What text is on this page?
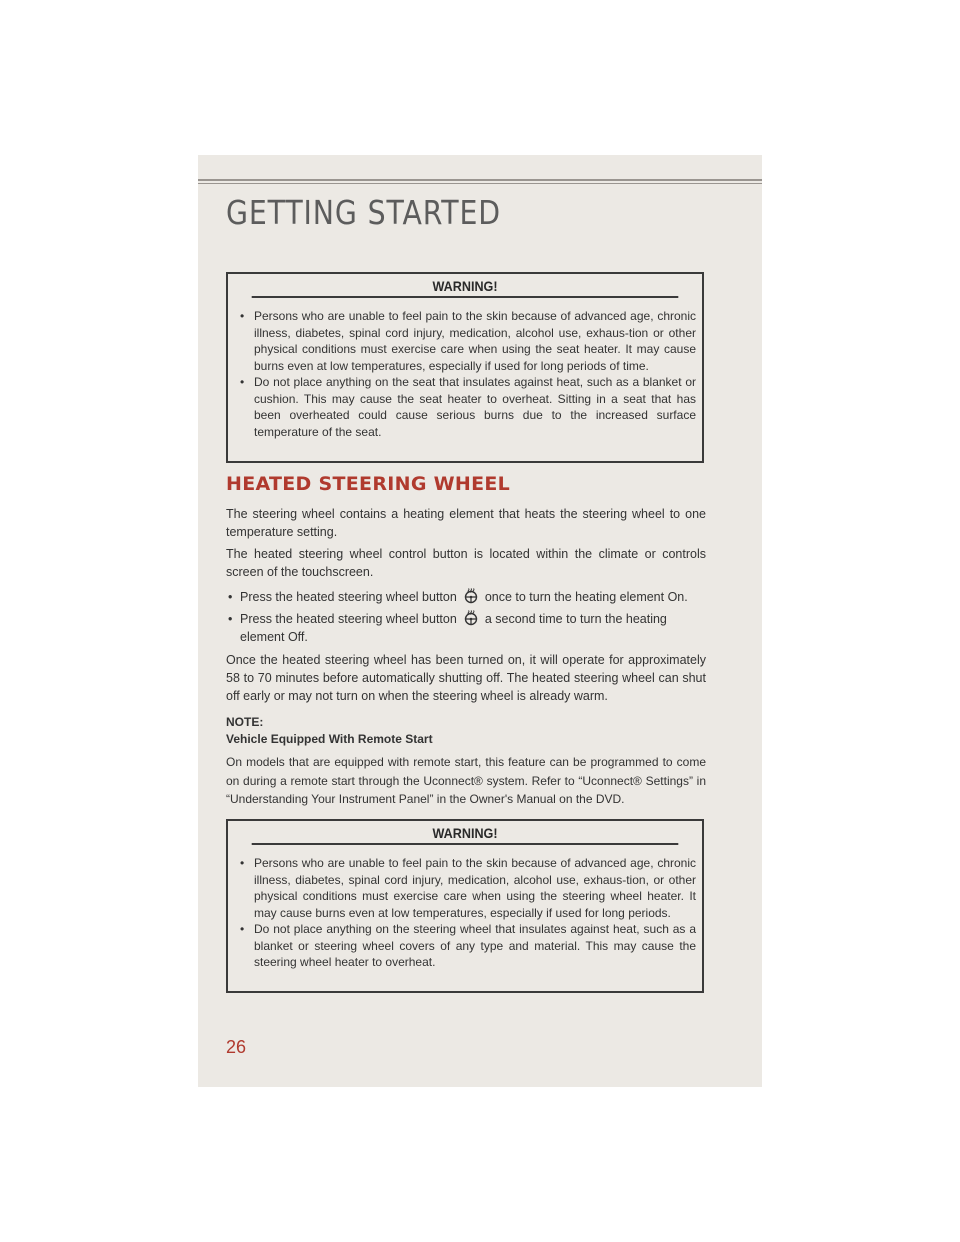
GETTING STARTED
WARNING!
• Persons who are unable to feel pain to the skin because of advanced age, chronic illness, diabetes, spinal cord injury, medication, alcohol use, exhaus-tion or other physical conditions must exercise care when using the seat heater. It may cause burns even at low temperatures, especially if used for long periods of time.
• Do not place anything on the seat that insulates against heat, such as a blanket or cushion. This may cause the seat heater to overheat. Sitting in a seat that has been overheated could cause serious burns due to the increased surface temperature of the seat.
HEATED STEERING WHEEL

The steering wheel contains a heating element that heats the steering wheel to one temperature setting.

The heated steering wheel control button is located within the climate or controls screen of the touchscreen.

• Press the heated steering wheel button once to turn the heating element On.
• Press the heated steering wheel button a second time to turn the heating
element Off.

Once the heated steering wheel has been turned on, it will operate for approximately 58 to 70 minutes before automatically shutting off. The heated steering wheel can shut off early or may not turn on when the steering wheel is already warm.

NOTE:
Vehicle Equipped With Remote Start

On models that are equipped with remote start, this feature can be programmed to come on during a remote start through the Uconnect® system. Refer to “Uconnect® Settings” in “Understanding Your Instrument Panel” in the Owner's Manual on the DVD.

WARNING!
• Persons who are unable to feel pain to the skin because of advanced age, chronic illness, diabetes, spinal cord injury, medication, alcohol use, exhaus-tion, or other physical conditions must exercise care when using the steering wheel heater. It may cause burns even at low temperatures, especially if used for long periods.
• Do not place anything on the steering wheel that insulates against heat, such as a blanket or steering wheel covers of any type and material. This may cause the steering wheel heater to overheat.
26
